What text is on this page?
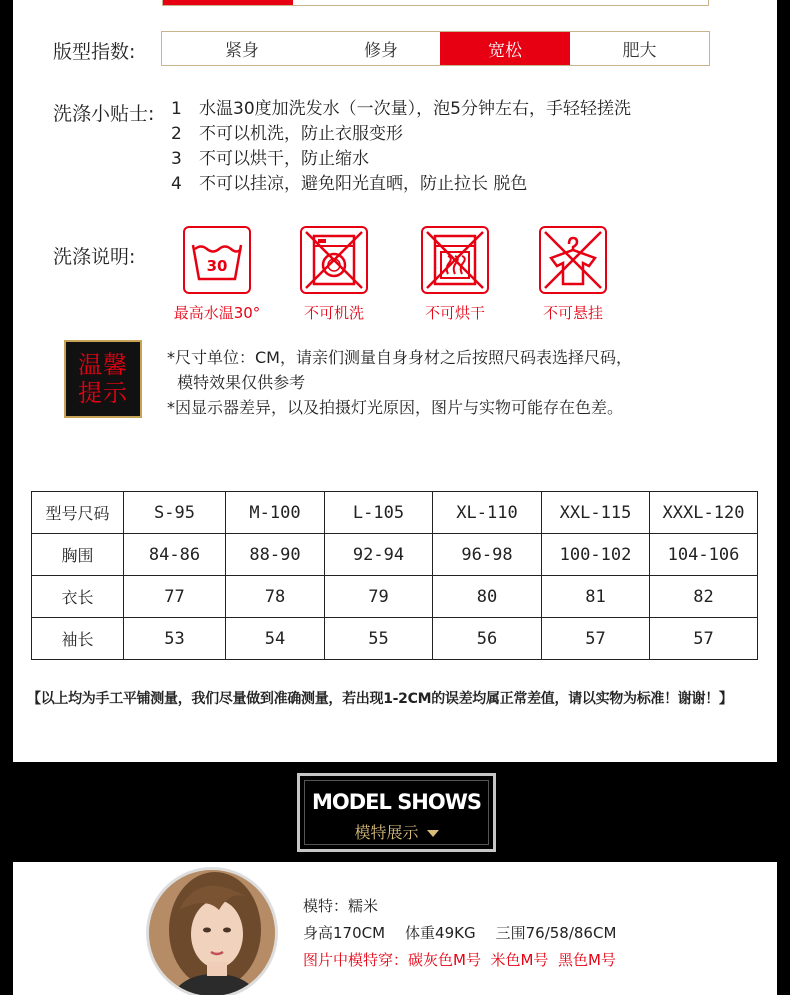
版型指数:	紧身	修身	宽松	肥大
洗涤小贴士: 1	水温30度加洗发水（一次量），泡5分钟左右，手轻轻搓洗
2	不可以机洗，防止衣服变形
3	不可以烘干，防止缩水
4	不可以挂凉，避免阳光直晒，防止拉长 脱色
洗涤说明:	30
最高水温30°	不可机洗	不可烘干	不可悬挂
温馨提示
*尺寸单位：CM，请亲们测量自身身材之后按照尺码表选择尺码，
模特效果仅供参考
*因显示器差异，以及拍摄灯光原因，图片与实物可能存在色差。
型号尺码	S-95	M-100	L-105	XL-110	XXL-115	XXXL-120
胸围	84-86	88-90	92-94	96-98	100-102	104-106
衣长	77	78	79	80	81	82
袖长	53	54	55	56	57	57
【以上均为手工平铺测量，我们尽量做到准确测量，若出现1-2CM的误差均属正常差值，请以实物为标准！谢谢！】
MODEL SHOWS
模特展示
模特：糯米
身高170CM 体重49KG 三围76/58/86CM
图片中模特穿：碳灰色M号  米色M号  黑色M号
